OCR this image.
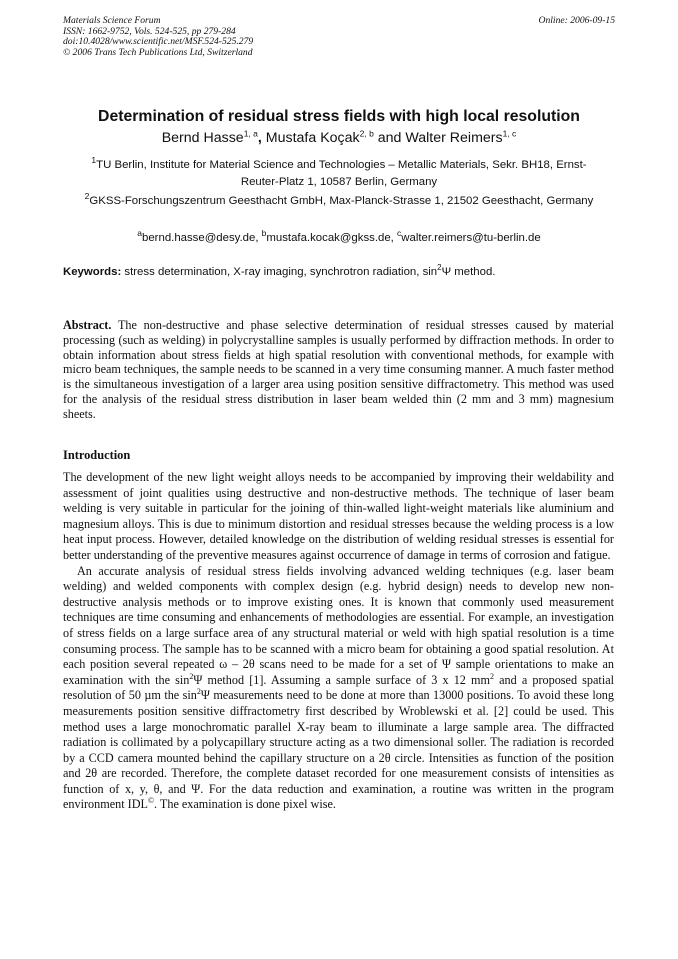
Materials Science Forum
ISSN: 1662-9752, Vols. 524-525, pp 279-284
doi:10.4028/www.scientific.net/MSF.524-525.279
© 2006 Trans Tech Publications Ltd, Switzerland
Online: 2006-09-15
Determination of residual stress fields with high local resolution
Bernd Hasse$^{1, a}$, Mustafa Koçak$^{2, b}$ and Walter Reimers$^{1, c}$
$^1$TU Berlin, Institute for Material Science and Technologies – Metallic Materials, Sekr. BH18, Ernst-Reuter-Platz 1, 10587 Berlin, Germany
$^2$GKSS-Forschungszentrum Geesthacht GmbH, Max-Planck-Strasse 1, 21502 Geesthacht, Germany
$^a$bernd.hasse@desy.de, $^b$mustafa.kocak@gkss.de, $^c$walter.reimers@tu-berlin.de
Keywords: stress determination, X-ray imaging, synchrotron radiation, $\sin^2\Psi$ method.
Abstract. The non-destructive and phase selective determination of residual stresses caused by material processing (such as welding) in polycrystalline samples is usually performed by diffraction methods. In order to obtain information about stress fields at high spatial resolution with conventional methods, for example with micro beam techniques, the sample needs to be scanned in a very time consuming manner. A much faster method is the simultaneous investigation of a larger area using position sensitive diffractometry. This method was used for the analysis of the residual stress distribution in laser beam welded thin (2 mm and 3 mm) magnesium sheets.
Introduction

The development of the new light weight alloys needs to be accompanied by improving their weldability and assessment of joint qualities using destructive and non-destructive methods. The technique of laser beam welding is very suitable in particular for the joining of thin-walled light-weight materials like aluminium and magnesium alloys. This is due to minimum distortion and residual stresses because the welding process is a low heat input process. However, detailed knowledge on the distribution of welding residual stresses is essential for better understanding of the preventive measures against occurrence of damage in terms of corrosion and fatigue.

An accurate analysis of residual stress fields involving advanced welding techniques (e.g. laser beam welding) and welded components with complex design (e.g. hybrid design) needs to develop new non-destructive analysis methods or to improve existing ones. It is known that commonly used measurement techniques are time consuming and enhancements of methodologies are essential. For example, an investigation of stress fields on a large surface area of any structural material or weld with high spatial resolution is a time consuming process. The sample has to be scanned with a micro beam for obtaining a good spatial resolution. At each position several repeated ω – 2θ scans need to be made for a set of Ψ sample orientations to make an examination with the $\sin^2\Psi$ method [1]. Assuming a sample surface of 3 x 12 $mm^2$ and a proposed spatial resolution of 50 µm the $\sin^2\Psi$ measurements need to be done at more than 13000 positions. To avoid these long measurements position sensitive diffractometry first described by Wroblewski et al. [2] could be used. This method uses a large monochromatic parallel X-ray beam to illuminate a large sample area. The diffracted radiation is collimated by a polycapillary structure acting as a two dimensional soller. The radiation is recorded by a CCD camera mounted behind the capillary structure on a 2θ circle. Intensities as function of the position and 2θ are recorded. Therefore, the complete dataset recorded for one measurement consists of intensities as function of x, y, θ, and Ψ. For the data reduction and examination, a routine was written in the program environment IDL©. The examination is done pixel wise.
